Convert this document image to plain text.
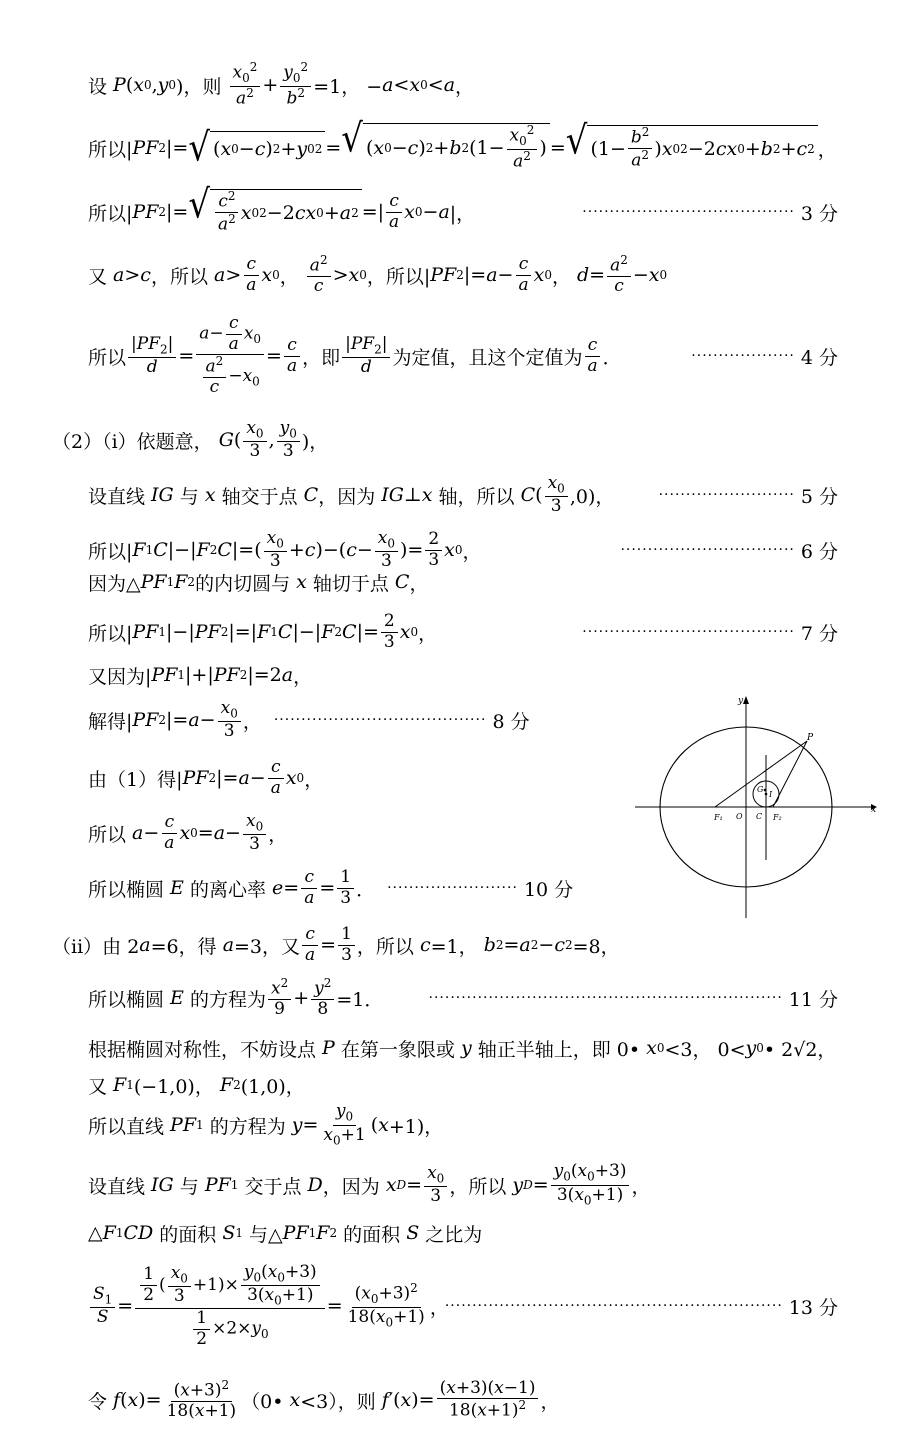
设 P ( x 0 , y 0 )，则 $\frac{x_0^2}{a^2} + \frac{y_0^2}{b^2} =1$， − a < x 0 < a ，
所以| PF 2 |= √ ( x 0 − c ) 2 + y 0 2 = √ ( x 0 − c ) 2 + b 2 ($1- \frac{x_0^2}{a^2}$ ) = √ ($1- \frac{b^2}{a^2}$ ) x 0 2 −2 cx 0 + b 2 + c 2 ，
所以| PF 2 |= √ $\frac{c^2}{a^2}$ x 0 2 −2 cx 0 + a 2 =| $\frac{c}{a}$ x 0 − a |，	······································· 3 分
又 a > c ，所以 $a > \frac{c}{a}$ x 0 ， $\frac{a^2}{c} > x$ 0 ，所以| PF 2 |= $a - \frac{c}{a}$ x 0 ， $d = \frac{a^2}{c} - x$ 0
所以 $\frac{|PF_2|}{d} = \frac{a- \frac{c}{a} x_0}{\frac{a^2}{c} -x_0} = \frac{c}{a}$ ，即 $\frac{|PF_2|}{d}$ 为定值，且这个定值为 $\frac{c}{a}$ ．	··················· 4 分
（2）（ⅰ）依题意， G ( $\frac{x_0}{3}$ , $\frac{y_0}{3}$ )，
设直线 IG 与 x 轴交于点 C ，因为 IG ⊥ x 轴，所以 C ( $\frac{x_0}{3} ,0$)，	························· 5 分
所以| F 1 C |−| F 2 C |=( $\frac{x_0}{3} + c$ )−( $c - \frac{x_0}{3}$ )= $\frac{2}{3}$ x 0 ，	································ 6 分
因为△ PF 1 F 2 的内切圆与 x 轴切于点 C ，
所以| PF 1 |−| PF 2 |=| F 1 C |−| F 2 C |= $\frac{2}{3}$ x 0 ，	······································· 7 分
又因为| PF 1 |+| PF 2 |=2 a ，
解得| PF 2 |= $a - \frac{x_0}{3}$ ， ·······································
8 分
由（1）得| PF 2 |= $a - \frac{c}{a}$ x 0 ，
所以 $a - \frac{c}{a}$ x $0 = a - \frac{x_0}{3}$ ，
所以椭圆 E 的离心率 $e = \frac{c}{a} = \frac{1}{3}$ ． ························
10 分
（ⅱ）由 2 a =6，得 a =3，又 $\frac{c}{a} = \frac{1}{3}$ ，所以 c =1， b 2 = a 2 − c 2 =8，
所以椭圆 E 的方程为 $\frac{x^2}{9} + \frac{y^2}{8} =1$．	································································· 11 分
根据椭圆对称性，不妨设点 P 在第一象限或 y 轴正半轴上，即 0• x 0 <3， 0< y 0 • 2√2，
又 F 1 (−1,0)， F 2 (1,0)，
所以直线 PF 1 的方程为 $y = \frac{y_0}{x_0+1}$ ( x +1)，
设直线 IG 与 PF 1 交于点 D ，因为 x $D = \frac{x_0}{3}$ ，所以 y $D = \frac{y_0(x_0+3)}{3(x_0+1)}$ ，
△ F 1 CD 的面积 S 1 与△ PF 1 F 2 的面积 S 之比为
$\frac{S_1}{S} = \frac{\frac{1}{2} ( \frac{x_0}{3} +1)\times \frac{y_0(x_0+3)}{3(x_0+1)}}{\frac{1}{2} \times 2\times y_0} = \frac{(x_0+3)^2}{18(x_0+1)}$ ，
······························································ 13 分
令 f ( x )= $\frac{(x+3)^2}{18(x+1)}$ （0• x <3），则 f ′( x )= $\frac{(x+3)(x-1)}{18(x+1)^2}$ ，
y
x
P
G
I
F₁ O C F₂
